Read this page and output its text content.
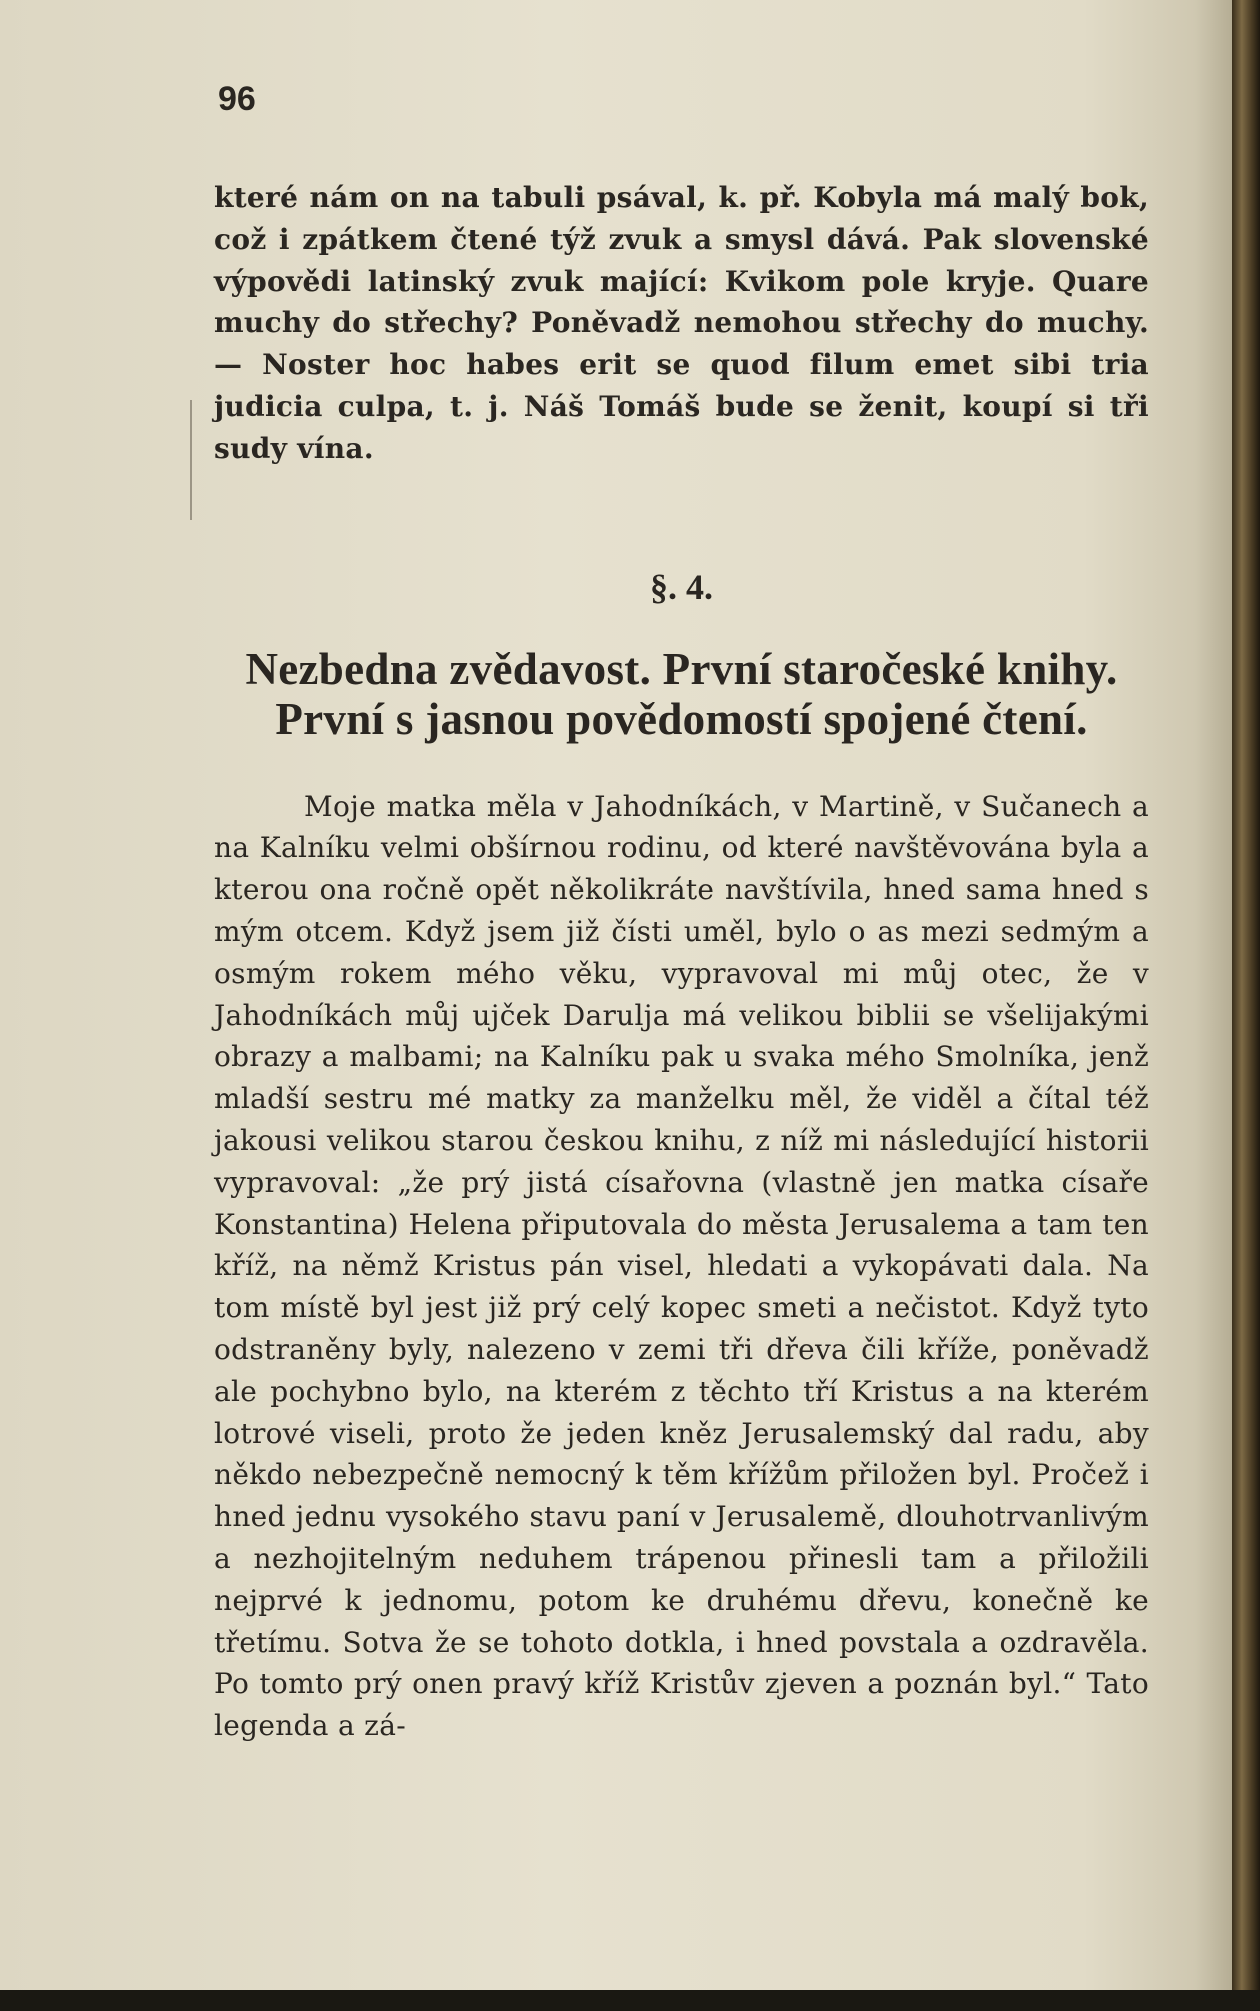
96

které nám on na tabuli psával, k. př. Kobyla má malý bok, což i zpátkem čtené týž zvuk a smysl dává. Pak slovenské výpovědi latinský zvuk mající: Kvikom pole kryje. Quare muchy do střechy? Poněvadž nemohou střechy do muchy. — Noster hoc habes erit se quod filum emet sibi tria judicia culpa, t. j. Náš Tomáš bude se ženit, koupí si tři sudy vína.

§. 4.
Nezbedna zvědavost. První staročeské knihy. První s jasnou povědomostí spojené čtení.

Moje matka měla v Jahodníkách, v Martině, v Sučanech a na Kalníku velmi obšírnou rodinu, od které navštěvována byla a kterou ona ročně opět několikráte navštívila, hned sama hned s mým otcem. Když jsem již čísti uměl, bylo o as mezi sedmým a osmým rokem mého věku, vypravoval mi můj otec, že v Jahodníkách můj ujček Darulja má velikou biblii se všelijakými obrazy a malbami; na Kalníku pak u svaka mého Smolníka, jenž mladší sestru mé matky za manželku měl, že viděl a čítal též jakousi velikou starou českou knihu, z níž mi následující historii vypravoval: „že prý jistá císařovna (vlastně jen matka císaře Konstantina) Helena připutovala do města Jerusalema a tam ten kříž, na němž Kristus pán visel, hledati a vykopávati dala. Na tom místě byl jest již prý celý kopec smeti a nečistot. Když tyto odstraněny byly, nalezeno v zemi tři dřeva čili kříže, poněvadž ale pochybno bylo, na kterém z těchto tří Kristus a na kterém lotrové viseli, proto že jeden kněz Jerusalemský dal radu, aby někdo nebezpečně nemocný k těm křížům přiložen byl. Pročež i hned jednu vysokého stavu paní v Jerusalemě, dlouhotrvanlivým a nezhojitelným neduhem trápenou přinesli tam a přiložili nejprvé k jednomu, potom ke druhému dřevu, konečně ke třetímu. Sotva že se tohoto dotkla, i hned povstala a ozdravěla. Po tomto prý onen pravý kříž Kristův zjeven a poznán byl.“ Tato legenda a zá-
